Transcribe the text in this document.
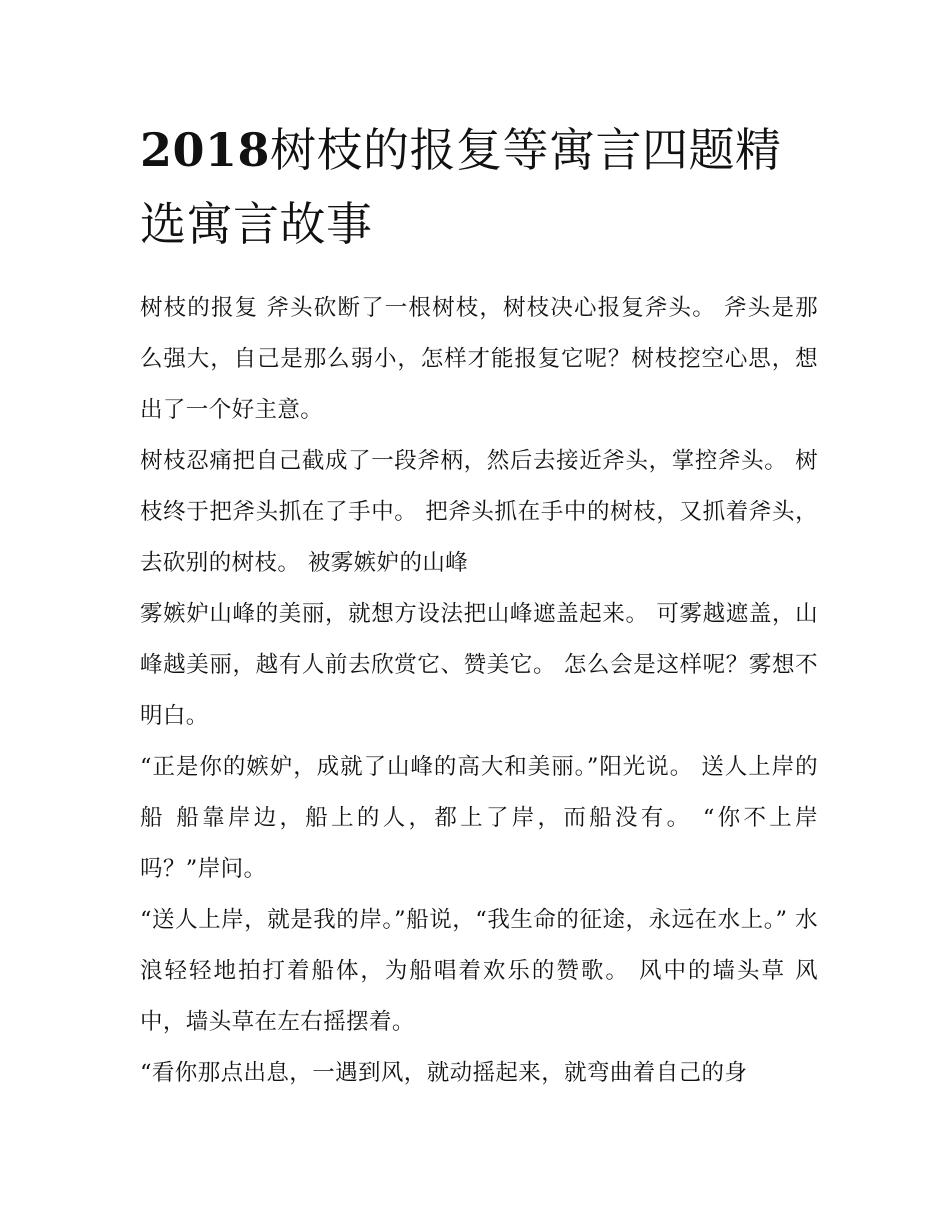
2018树枝的报复等寓言四题精选寓言故事

树枝的报复 斧头砍断了一根树枝，树枝决心报复斧头。 斧头是那么强大，自己是那么弱小，怎样才能报复它呢？树枝挖空心思，想出了一个好主意。

树枝忍痛把自己截成了一段斧柄，然后去接近斧头，掌控斧头。 树枝终于把斧头抓在了手中。 把斧头抓在手中的树枝，又抓着斧头，去砍别的树枝。 被雾嫉妒的山峰

雾嫉妒山峰的美丽，就想方设法把山峰遮盖起来。 可雾越遮盖，山峰越美丽，越有人前去欣赏它、赞美它。 怎么会是这样呢？雾想不明白。

“正是你的嫉妒，成就了山峰的高大和美丽。”阳光说。 送人上岸的船 船靠岸边，船上的人，都上了岸，而船没有。 “你不上岸吗？”岸问。

“送人上岸，就是我的岸。”船说，“我生命的征途，永远在水上。” 水浪轻轻地拍打着船体，为船唱着欢乐的赞歌。 风中的墙头草 风中，墙头草在左右摇摆着。

“看你那点出息，一遇到风，就动摇起来，就弯曲着自己的身
